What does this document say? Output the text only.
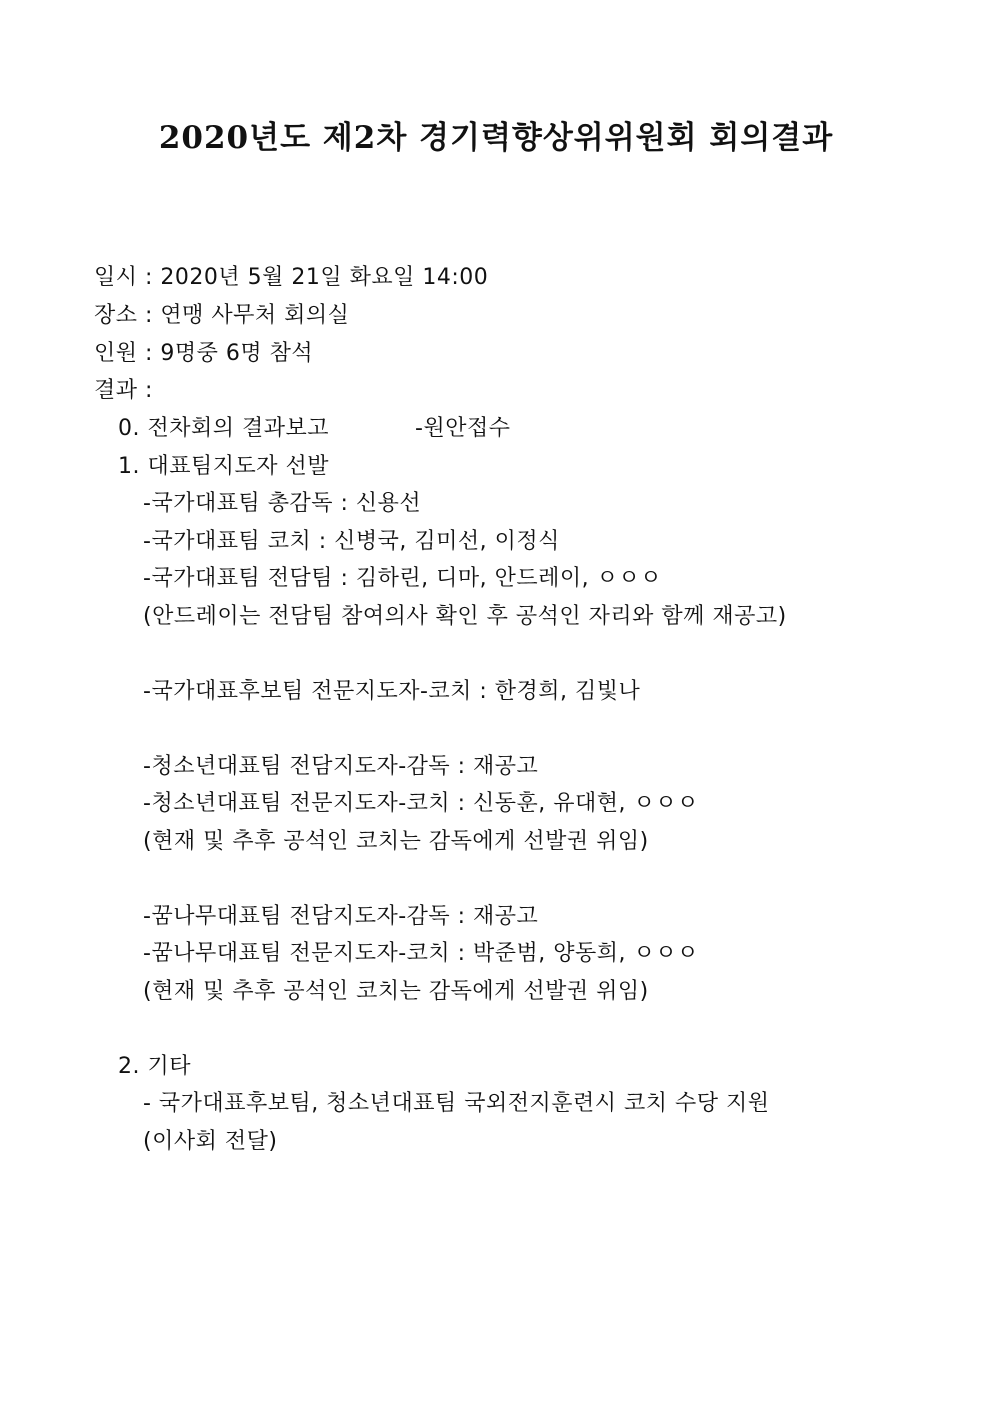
2020년도 제2차 경기력향상위위원회 회의결과
일시 : 2020년 5월 21일 화요일 14:00
장소 : 연맹 사무처 회의실
인원 : 9명중 6명 참석
결과 :
0. 전차회의 결과보고	-원안접수
1. 대표팀지도자 선발
-국가대표팀 총감독 : 신용선
-국가대표팀 코치 : 신병국, 김미선, 이정식
-국가대표팀 전담팀 : 김하린, 디마, 안드레이, ㅇㅇㅇ
(안드레이는 전담팀 참여의사 확인 후 공석인 자리와 함께 재공고)
-국가대표후보팀 전문지도자-코치 : 한경희, 김빛나
-청소년대표팀 전담지도자-감독 : 재공고
-청소년대표팀 전문지도자-코치 : 신동훈, 유대현, ㅇㅇㅇ
(현재 및 추후 공석인 코치는 감독에게 선발권 위임)
-꿈나무대표팀 전담지도자-감독 : 재공고
-꿈나무대표팀 전문지도자-코치 : 박준범, 양동희, ㅇㅇㅇ
(현재 및 추후 공석인 코치는 감독에게 선발권 위임)
2. 기타
- 국가대표후보팀, 청소년대표팀 국외전지훈련시 코치 수당 지원
(이사회 전달)
